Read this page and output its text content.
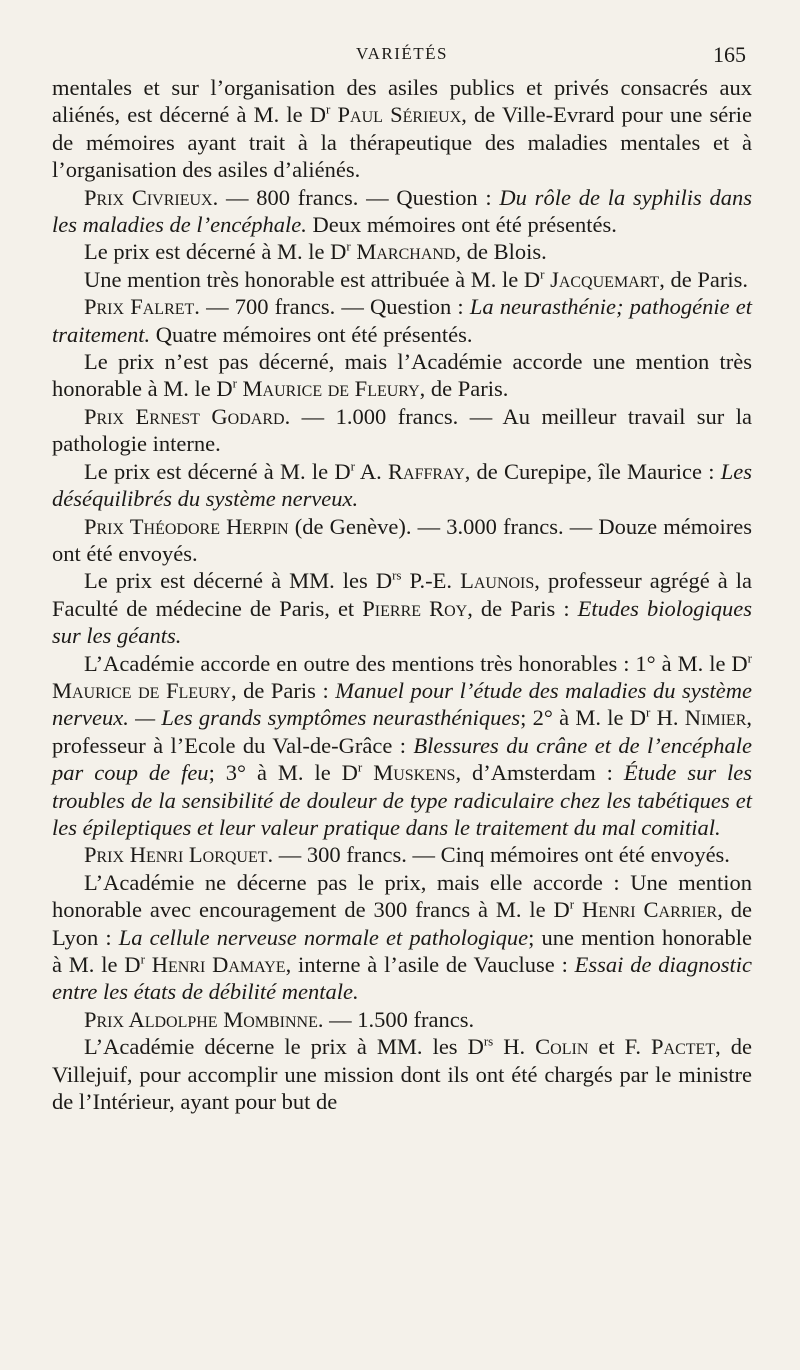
VARIÉTÉS	165

mentales et sur l’organisation des asiles publics et privés consacrés aux aliénés, est décerné à M. le $D^r$ Paul Sérieux, de Ville-Evrard pour une série de mémoires ayant trait à la thérapeutique des maladies mentales et à l’organisation des asiles d’aliénés.

Prix Civrieux. — 800 francs. — Question : Du rôle de la syphilis dans les maladies de l’encéphale. Deux mémoires ont été présentés.

Le prix est décerné à M. le $D^r$ Marchand, de Blois.

Une mention très honorable est attribuée à M. le $D^r$ Jacquemart, de Paris.

Prix Falret. — 700 francs. — Question : La neurasthénie; pathogénie et traitement. Quatre mémoires ont été présentés.

Le prix n’est pas décerné, mais l’Académie accorde une mention très honorable à M. le $D^r$ Maurice de Fleury, de Paris.

Prix Ernest Godard. — 1.000 francs. — Au meilleur travail sur la pathologie interne.

Le prix est décerné à M. le $D^r$ A. Raffray, de Curepipe, île Maurice : Les déséquilibrés du système nerveux.

Prix Théodore Herpin (de Genève). — 3.000 francs. — Douze mémoires ont été envoyés.

Le prix est décerné à MM. les $D^{rs}$ P.-E. Launois, professeur agrégé à la Faculté de médecine de Paris, et Pierre Roy, de Paris : Etudes biologiques sur les géants.

L’Académie accorde en outre des mentions très honorables : 1° à M. le $D^r$ Maurice de Fleury, de Paris : Manuel pour l’étude des maladies du système nerveux. — Les grands symptômes neurasthéniques; 2° à M. le $D^r$ H. Nimier, professeur à l’Ecole du Val-de-Grâce : Blessures du crâne et de l’encéphale par coup de feu; 3° à M. le $D^r$ Muskens, d’Amsterdam : Étude sur les troubles de la sensibilité de douleur de type radiculaire chez les tabétiques et les épileptiques et leur valeur pratique dans le traitement du mal comitial.

Prix Henri Lorquet. — 300 francs. — Cinq mémoires ont été envoyés.

L’Académie ne décerne pas le prix, mais elle accorde : Une mention honorable avec encouragement de 300 francs à M. le $D^r$ Henri Carrier, de Lyon : La cellule nerveuse normale et pathologique; une mention honorable à M. le $D^r$ Henri Damaye, interne à l’asile de Vaucluse : Essai de diagnostic entre les états de débilité mentale.

Prix Aldolphe Mombinne. — 1.500 francs.

L’Académie décerne le prix à MM. les $D^{rs}$ H. Colin et F. Pactet, de Villejuif, pour accomplir une mission dont ils ont été chargés par le ministre de l’Intérieur, ayant pour but de
